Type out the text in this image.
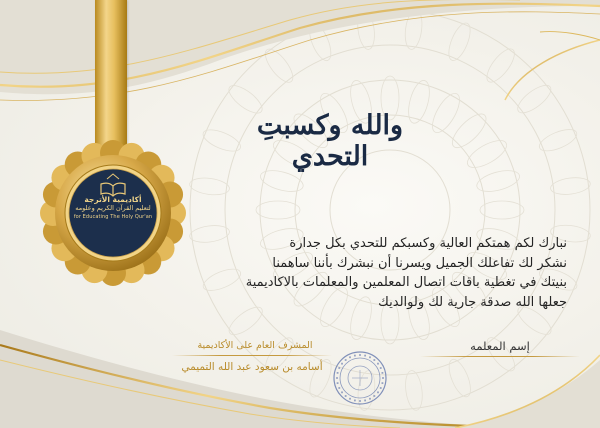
أكاديمية الأترجة
لتعليم القرآن الكريم وعلومه
for Educating The Holy Qur'an
والله وكسبتِ التحدي
نبارك لكم همتكم العالية وكسبكم للتحدي بكل جدارة
نشكر لك تفاعلك الجميل ويسرنا أن نبشرك بأننا ساهمنا
بنيتك في تغطية باقات اتصال المعلمين والمعلمات بالاكاديمية
جعلها الله صدقة جارية لك ولوالديك
إسم المعلمه
المشرف العام على الأكاديمية
أسامه بن سعود عبد الله التميمي
